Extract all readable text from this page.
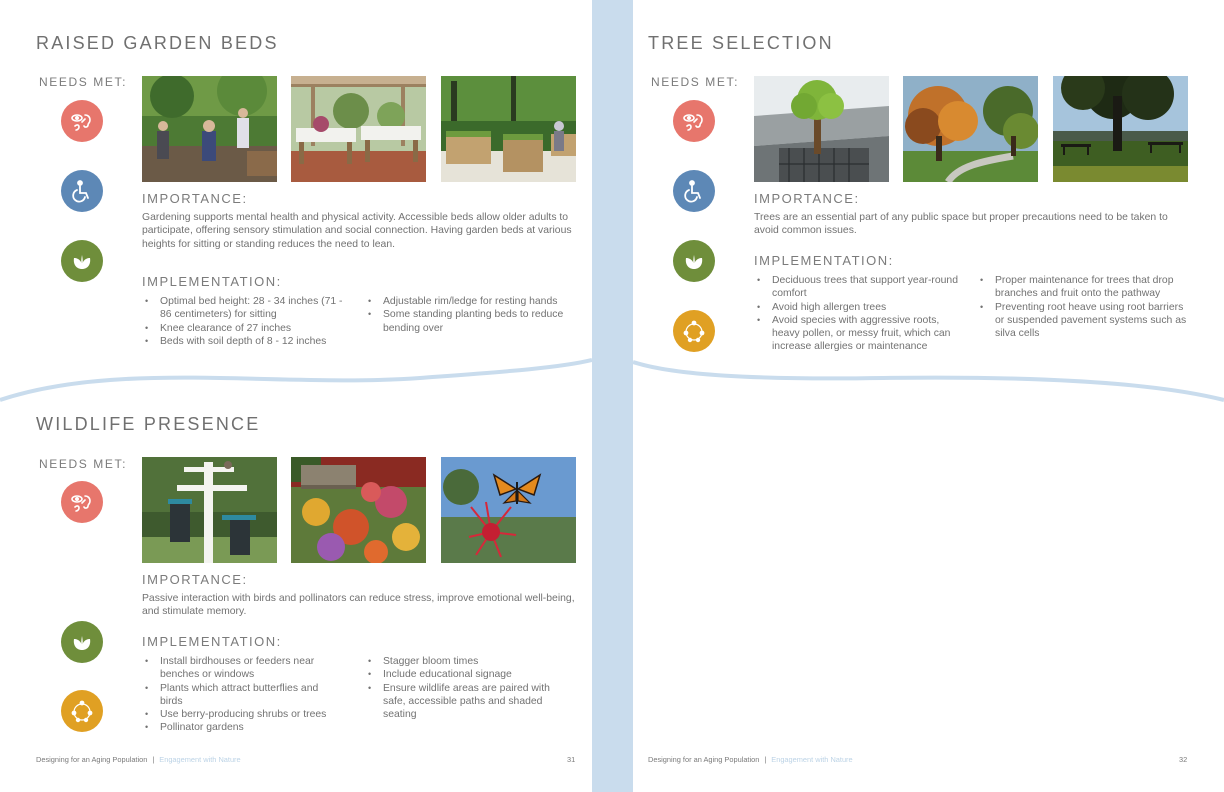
RAISED GARDEN BEDS
NEEDS MET:
IMPORTANCE:

Gardening supports mental health and physical activity. Accessible beds allow older adults to participate, offering sensory stimulation and social connection. Having garden beds at various heights for sitting or standing reduces the need to lean.

IMPLEMENTATION:
• Optimal bed height: 28 - 34 inches (71 - 86 centimeters) for sitting
• Knee clearance of 27 inches
• Beds with soil depth of 8 - 12 inches
• Adjustable rim/ledge for resting hands
• Some standing planting beds to reduce bending over
WILDLIFE PRESENCE
NEEDS MET:
IMPORTANCE:

Passive interaction with birds and pollinators can reduce stress, improve emotional well-being, and stimulate memory.

IMPLEMENTATION:
• Install birdhouses or feeders near benches or windows
• Plants which attract butterflies and birds
• Use berry-producing shrubs or trees
• Pollinator gardens
• Stagger bloom times
• Include educational signage
• Ensure wildlife areas are paired with safe, accessible paths and shaded seating
Designing for an Aging Population | Engagement with Nature	31
TREE SELECTION
NEEDS MET:
IMPORTANCE:

Trees are an essential part of any public space but proper precautions need to be taken to avoid common issues.

IMPLEMENTATION:
• Deciduous trees that support year-round comfort
• Avoid high allergen trees
• Avoid species with aggressive roots, heavy pollen, or messy fruit, which can increase allergies or maintenance
• Proper maintenance for trees that drop branches and fruit onto the pathway
• Preventing root heave using root barriers or suspended pavement systems such as silva cells
Designing for an Aging Population | Engagement with Nature	32
